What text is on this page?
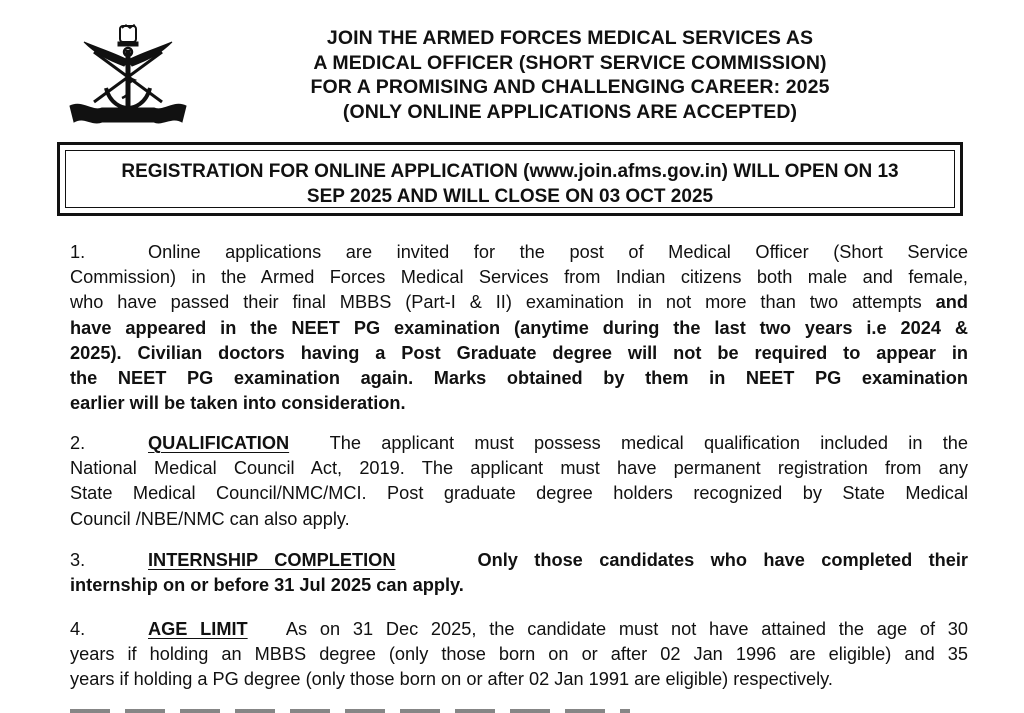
JOIN THE ARMED FORCES MEDICAL SERVICES AS
A MEDICAL OFFICER (SHORT SERVICE COMMISSION)
FOR A PROMISING AND CHALLENGING CAREER: 2025
(ONLY ONLINE APPLICATIONS ARE ACCEPTED)
REGISTRATION FOR ONLINE APPLICATION (www.join.afms.gov.in) WILL OPEN ON 13
SEP 2025 AND WILL CLOSE ON 03 OCT 2025
1.	Online applications are invited for the post of Medical Officer (Short Service
Commission) in the Armed Forces Medical Services from Indian citizens both male and female,
who have passed their final MBBS (Part-I & II) examination in not more than two attempts and
have appeared in the NEET PG examination (anytime during the last two years i.e 2024 &
2025). Civilian doctors having a Post Graduate degree will not be required to appear in
the NEET PG examination again. Marks obtained by them in NEET PG examination
earlier will be taken into consideration.
2.	QUALIFICATION The applicant must possess medical qualification included in the
National Medical Council Act, 2019. The applicant must have permanent registration from any
State Medical Council/NMC/MCI. Post graduate degree holders recognized by State Medical
Council /NBE/NMC can also apply.
3.	INTERNSHIP COMPLETION	Only those candidates who have completed their
internship on or before 31 Jul 2025 can apply.
4.	AGE LIMIT As on 31 Dec 2025, the candidate must not have attained the age of 30
years if holding an MBBS degree (only those born on or after 02 Jan 1996 are eligible) and 35
years if holding a PG degree (only those born on or after 02 Jan 1991 are eligible) respectively.
